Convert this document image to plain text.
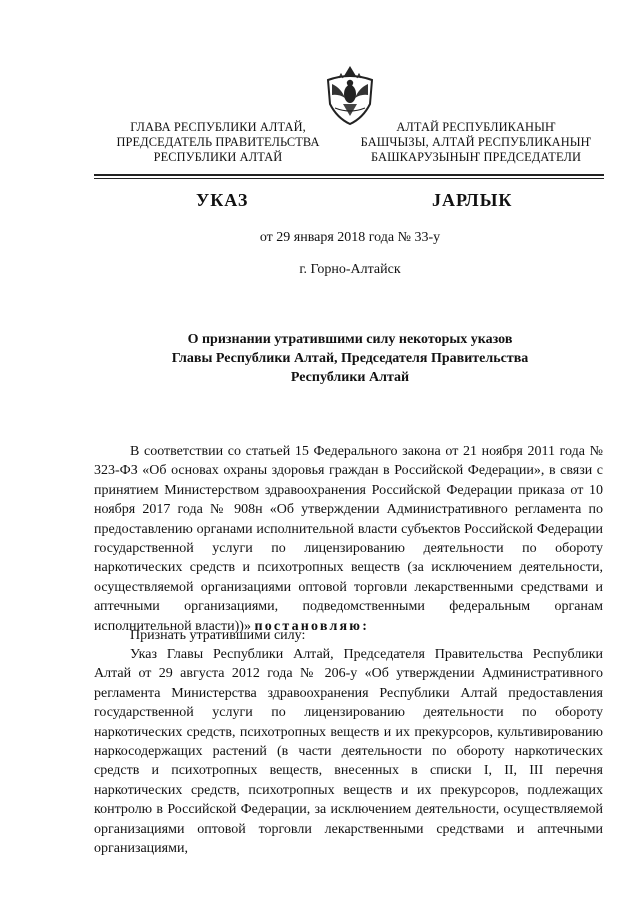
ГЛАВА РЕСПУБЛИКИ АЛТАЙ,
ПРЕДСЕДАТЕЛЬ ПРАВИТЕЛЬСТВА
РЕСПУБЛИКИ АЛТАЙ
АЛТАЙ РЕСПУБЛИКАНЫҤ
БАШЧЫЗЫ, АЛТАЙ РЕСПУБЛИКАНЫҤ
БАШКАРУЗЫНЫҤ ПРЕДСЕДАТЕЛИ
УКАЗ	JАРЛЫК
от 29 января 2018 года № 33-у
г. Горно-Алтайск
О признании утратившими силу некоторых указов
Главы Республики Алтай, Председателя Правительства
Республики Алтай
В соответствии со статьей 15 Федерального закона от 21 ноября 2011 года № 323-ФЗ «Об основах охраны здоровья граждан в Российской Федерации», в связи с принятием Министерством здравоохранения Российской Федерации приказа от 10 ноября 2017 года № 908н «Об утверждении Административного регламента по предоставлению органами исполнительной власти субъектов Российской Федерации государственной услуги по лицензированию деятельности по обороту наркотических средств и психотропных веществ (за исключением деятельности, осуществляемой организациями оптовой торговли лекарственными средствами и аптечными организациями, подведомственными федеральным органам исполнительной власти))» постановляю:
Признать утратившими силу:
Указ Главы Республики Алтай, Председателя Правительства Республики Алтай от 29 августа 2012 года № 206-у «Об утверждении Административного регламента Министерства здравоохранения Республики Алтай предоставления государственной услуги по лицензированию деятельности по обороту наркотических средств, психотропных веществ и их прекурсоров, культивированию наркосодержащих растений (в части деятельности по обороту наркотических средств и психотропных веществ, внесенных в списки I, II, III перечня наркотических средств, психотропных веществ и их прекурсоров, подлежащих контролю в Российской Федерации, за исключением деятельности, осуществляемой организациями оптовой торговли лекарственными средствами и аптечными организациями,
